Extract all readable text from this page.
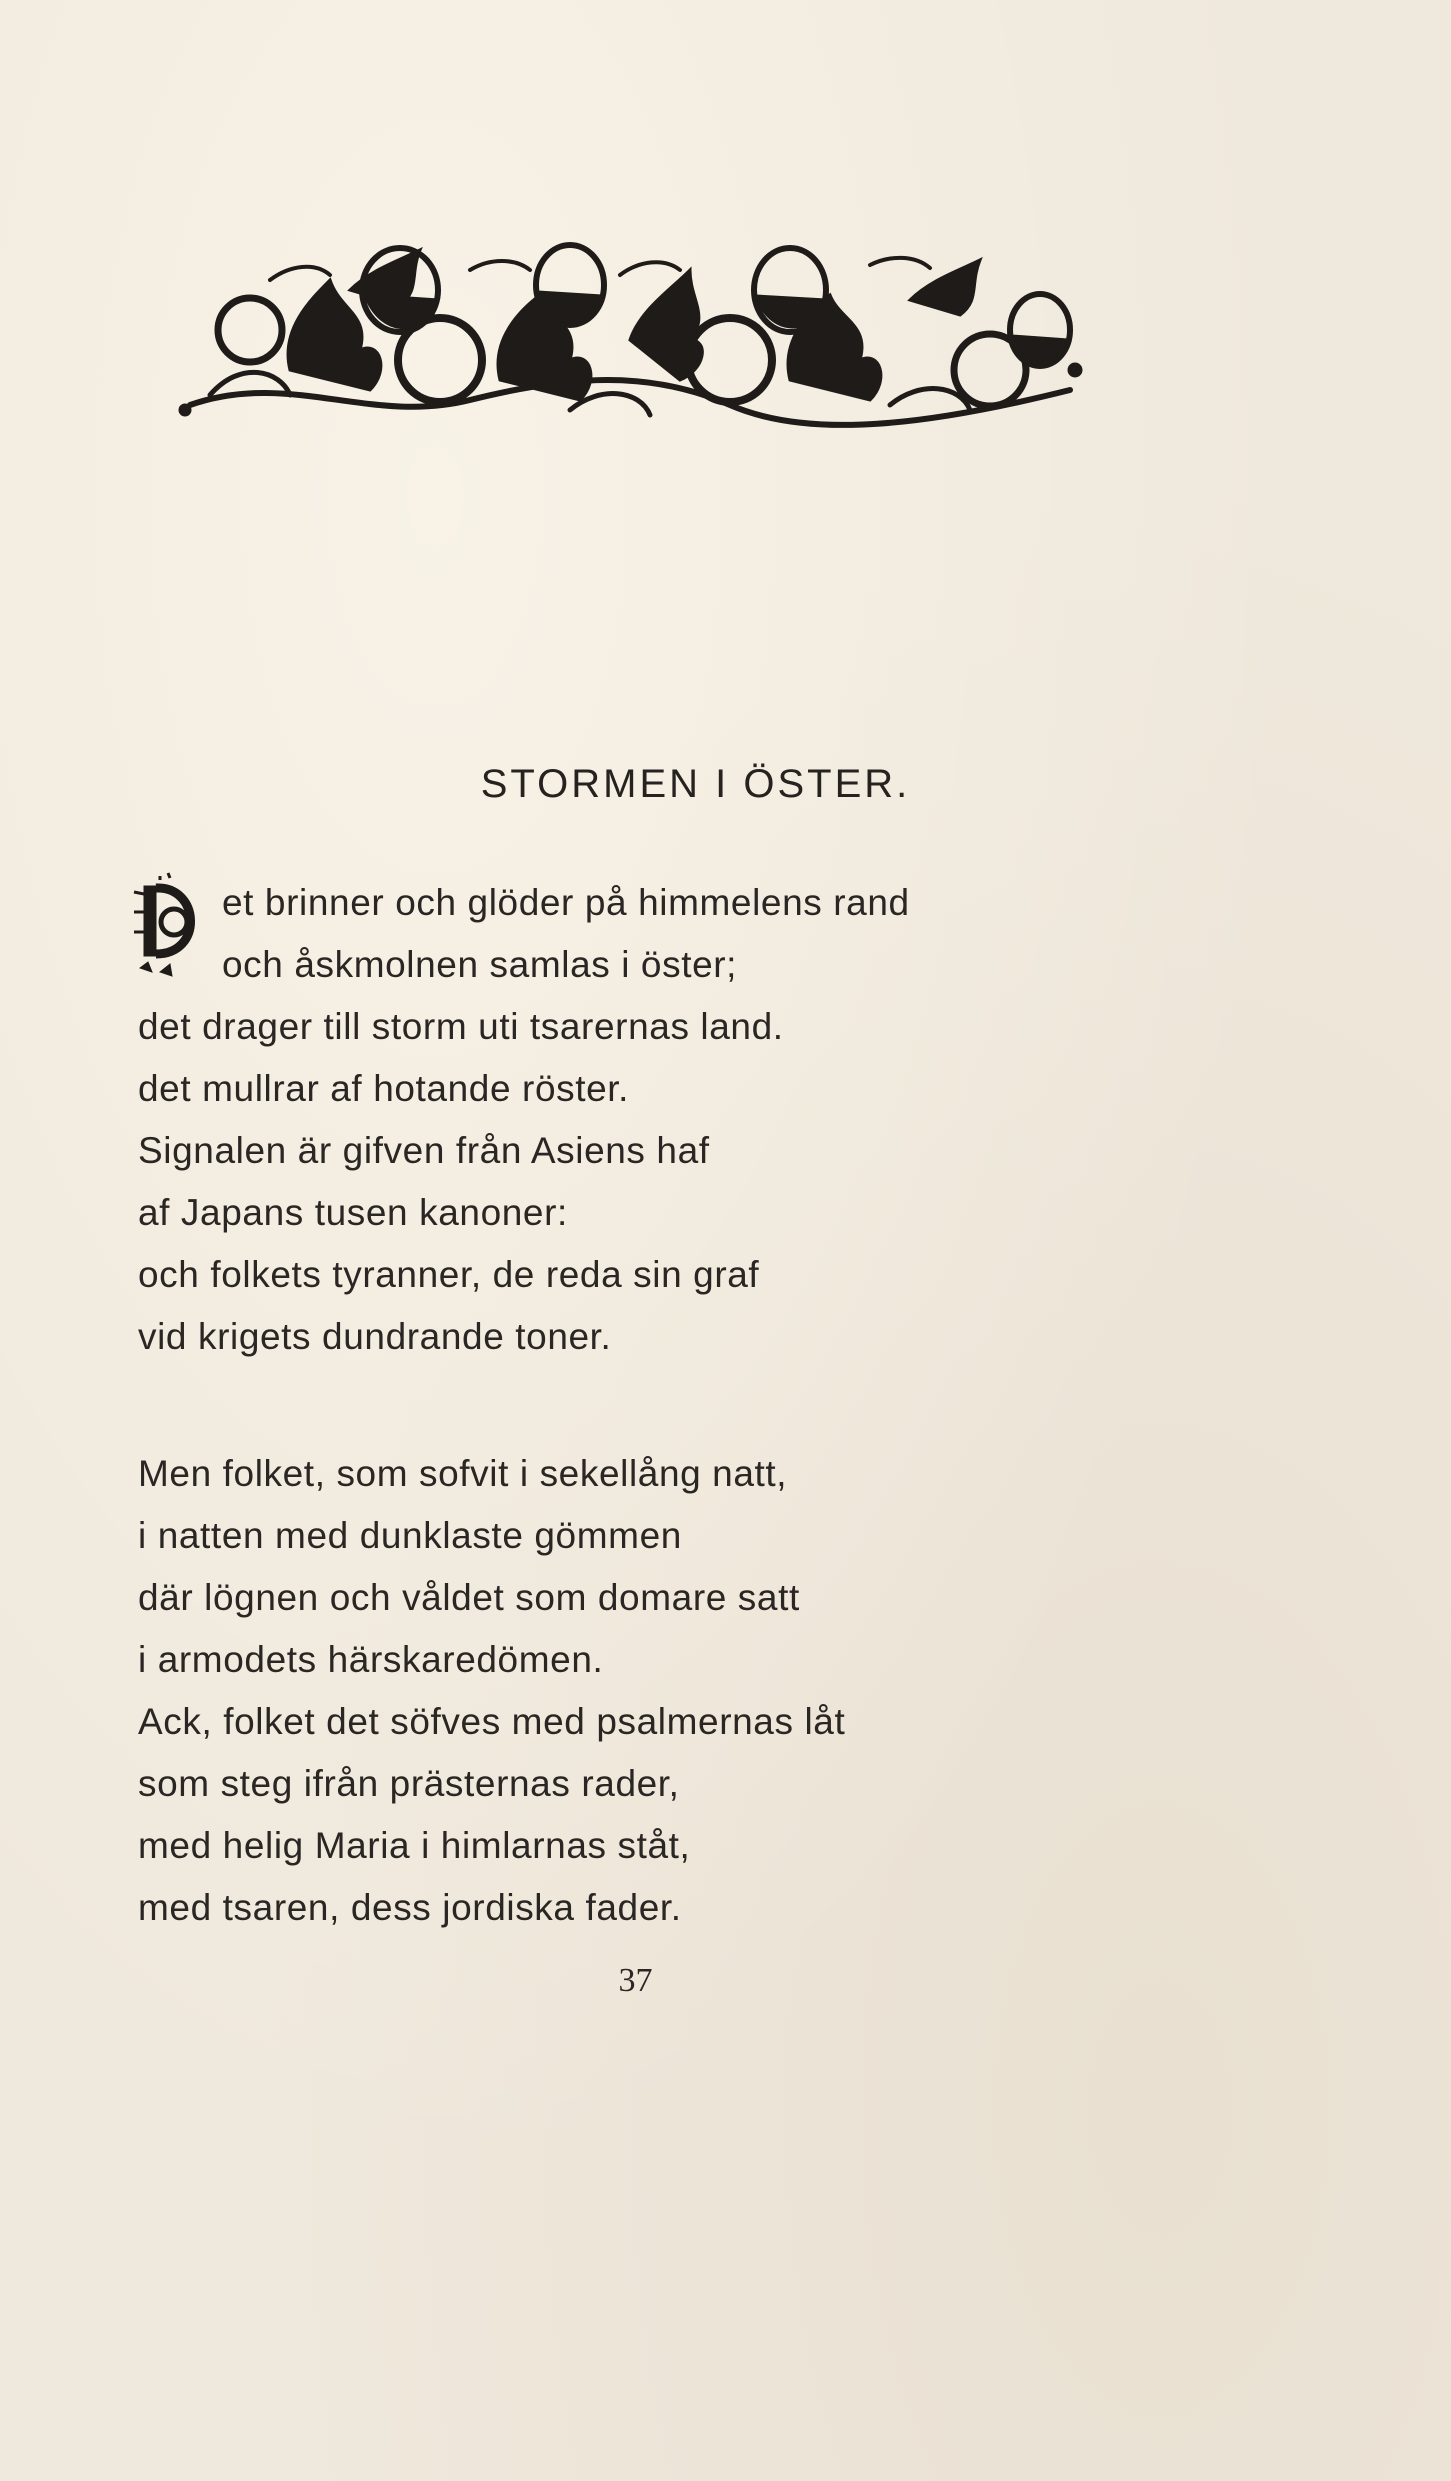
STORMEN I ÖSTER.
D
et brinner och glöder på himmelens rand
och åskmolnen samlas i öster;
det drager till storm uti tsarernas land.
det mullrar af hotande röster.
Signalen är gifven från Asiens haf
af Japans tusen kanoner:
och folkets tyranner, de reda sin graf
vid krigets dundrande toner.
Men folket, som sofvit i sekellång natt,
i natten med dunklaste gömmen
där lögnen och våldet som domare satt
i armodets härskaredömen.
Ack, folket det söfves med psalmernas låt
som steg ifrån prästernas rader,
med helig Maria i himlarnas ståt,
med tsaren, dess jordiska fader.
37
